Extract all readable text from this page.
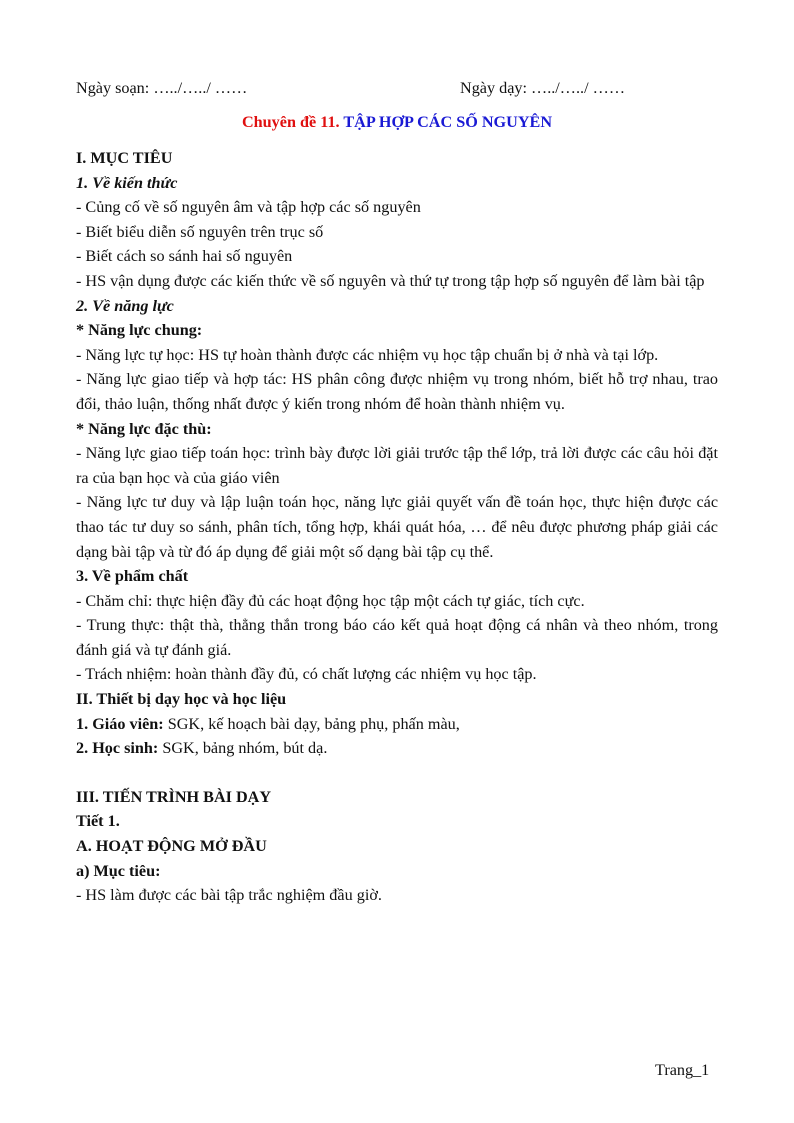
Ngày soạn: …../…../ ……	Ngày dạy: …../…../ ……
Chuyên đề 11. TẬP HỢP CÁC SỐ NGUYÊN
I. MỤC TIÊU
1. Về kiến thức
- Củng cố về số nguyên âm và tập hợp các số nguyên
- Biết biểu diễn số nguyên trên trục số
- Biết cách so sánh hai số nguyên
- HS vận dụng được các kiến thức về số nguyên và thứ tự trong tập hợp số nguyên để làm bài tập
2. Về năng lực
* Năng lực chung:
- Năng lực tự học: HS tự hoàn thành được các nhiệm vụ học tập chuẩn bị ở nhà và tại lớp.
- Năng lực giao tiếp và hợp tác: HS phân công được nhiệm vụ trong nhóm, biết hỗ trợ nhau, trao đổi, thảo luận, thống nhất được ý kiến trong nhóm để hoàn thành nhiệm vụ.
* Năng lực đặc thù:
- Năng lực giao tiếp toán học: trình bày được lời giải trước tập thể lớp, trả lời được các câu hỏi đặt ra của bạn học và của giáo viên
- Năng lực tư duy và lập luận toán học, năng lực giải quyết vấn đề toán học, thực hiện được các thao tác tư duy so sánh, phân tích, tổng hợp, khái quát hóa, … để nêu được phương pháp giải các dạng bài tập và từ đó áp dụng để giải một số dạng bài tập cụ thể.
3. Về phẩm chất
- Chăm chỉ: thực hiện đầy đủ các hoạt động học tập một cách tự giác, tích cực.
- Trung thực: thật thà, thẳng thắn trong báo cáo kết quả hoạt động cá nhân và theo nhóm, trong đánh giá và tự đánh giá.
- Trách nhiệm: hoàn thành đầy đủ, có chất lượng các nhiệm vụ học tập.
II. Thiết bị dạy học và học liệu
1. Giáo viên: SGK, kế hoạch bài dạy, bảng phụ, phấn màu,
2. Học sinh: SGK, bảng nhóm, bút dạ.
III. TIẾN TRÌNH BÀI DẠY
Tiết 1.
A. HOẠT ĐỘNG MỞ ĐẦU
a) Mục tiêu:
- HS làm được các bài tập trắc nghiệm đầu giờ.
Trang_1
